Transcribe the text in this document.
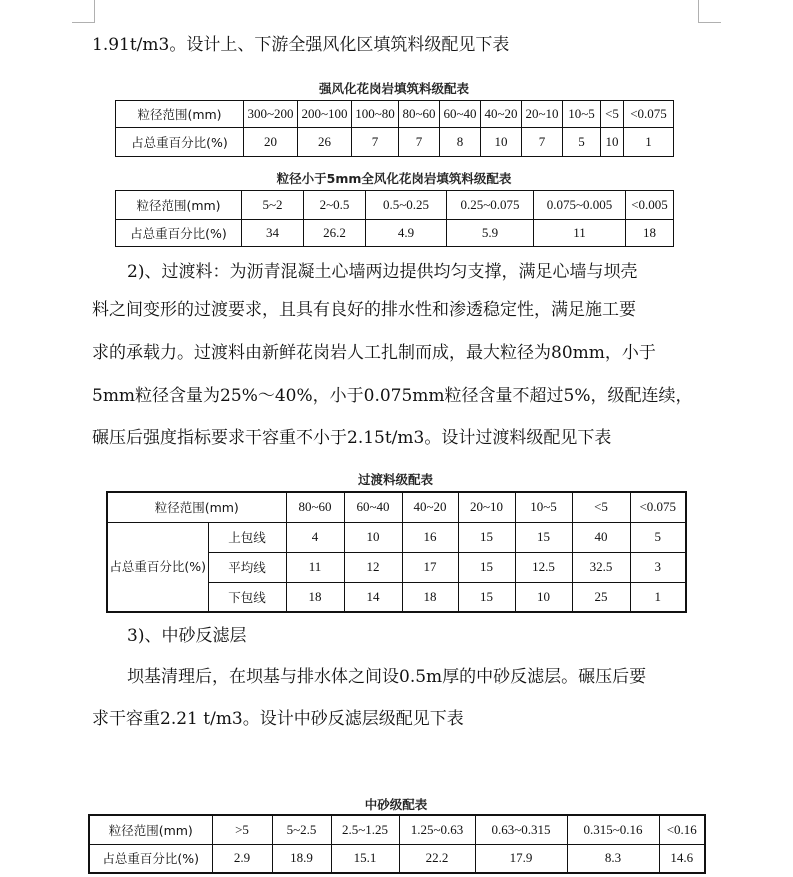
1.91t/m3。设计上、下游全强风化区填筑料级配见下表

强风化花岗岩填筑料级配表

粒径范围(mm)	300~200	200~100	100~80	80~60	60~40	40~20	20~10	10~5	<5	<0.075
占总重百分比(%)	20	26	7	7	8	10	7	5	10	1

粒径小于5mm全风化花岗岩填筑料级配表

粒径范围(mm)	5~2	2~0.5	0.5~0.25	0.25~0.075	0.075~0.005	<0.005
占总重百分比(%)	34	26.2	4.9	5.9	11	18

2)、过渡料：为沥青混凝土心墙两边提供均匀支撑，满足心墙与坝壳

料之间变形的过渡要求，且具有良好的排水性和渗透稳定性，满足施工要

求的承载力。过渡料由新鲜花岗岩人工扎制而成，最大粒径为80mm，小于

5mm粒径含量为25%～40%，小于0.075mm粒径含量不超过5%，级配连续，

碾压后强度指标要求干容重不小于2.15t/m3。设计过渡料级配见下表

过渡料级配表

粒径范围(mm)		80~60	60~40	40~20	20~10	10~5	<5	<0.075
占总重百分比(%)	上包线	4	10	16	15	15	40	5
	平均线	11	12	17	15	12.5	32.5	3
	下包线	18	14	18	15	10	25	1

3)、中砂反滤层

坝基清理后，在坝基与排水体之间设0.5m厚的中砂反滤层。碾压后要

求干容重2.21 t/m3。设计中砂反滤层级配见下表

中砂级配表

粒径范围(mm)	>5	5~2.5	2.5~1.25	1.25~0.63	0.63~0.315	0.315~0.16	<0.16
占总重百分比(%)	2.9	18.9	15.1	22.2	17.9	8.3	14.6
